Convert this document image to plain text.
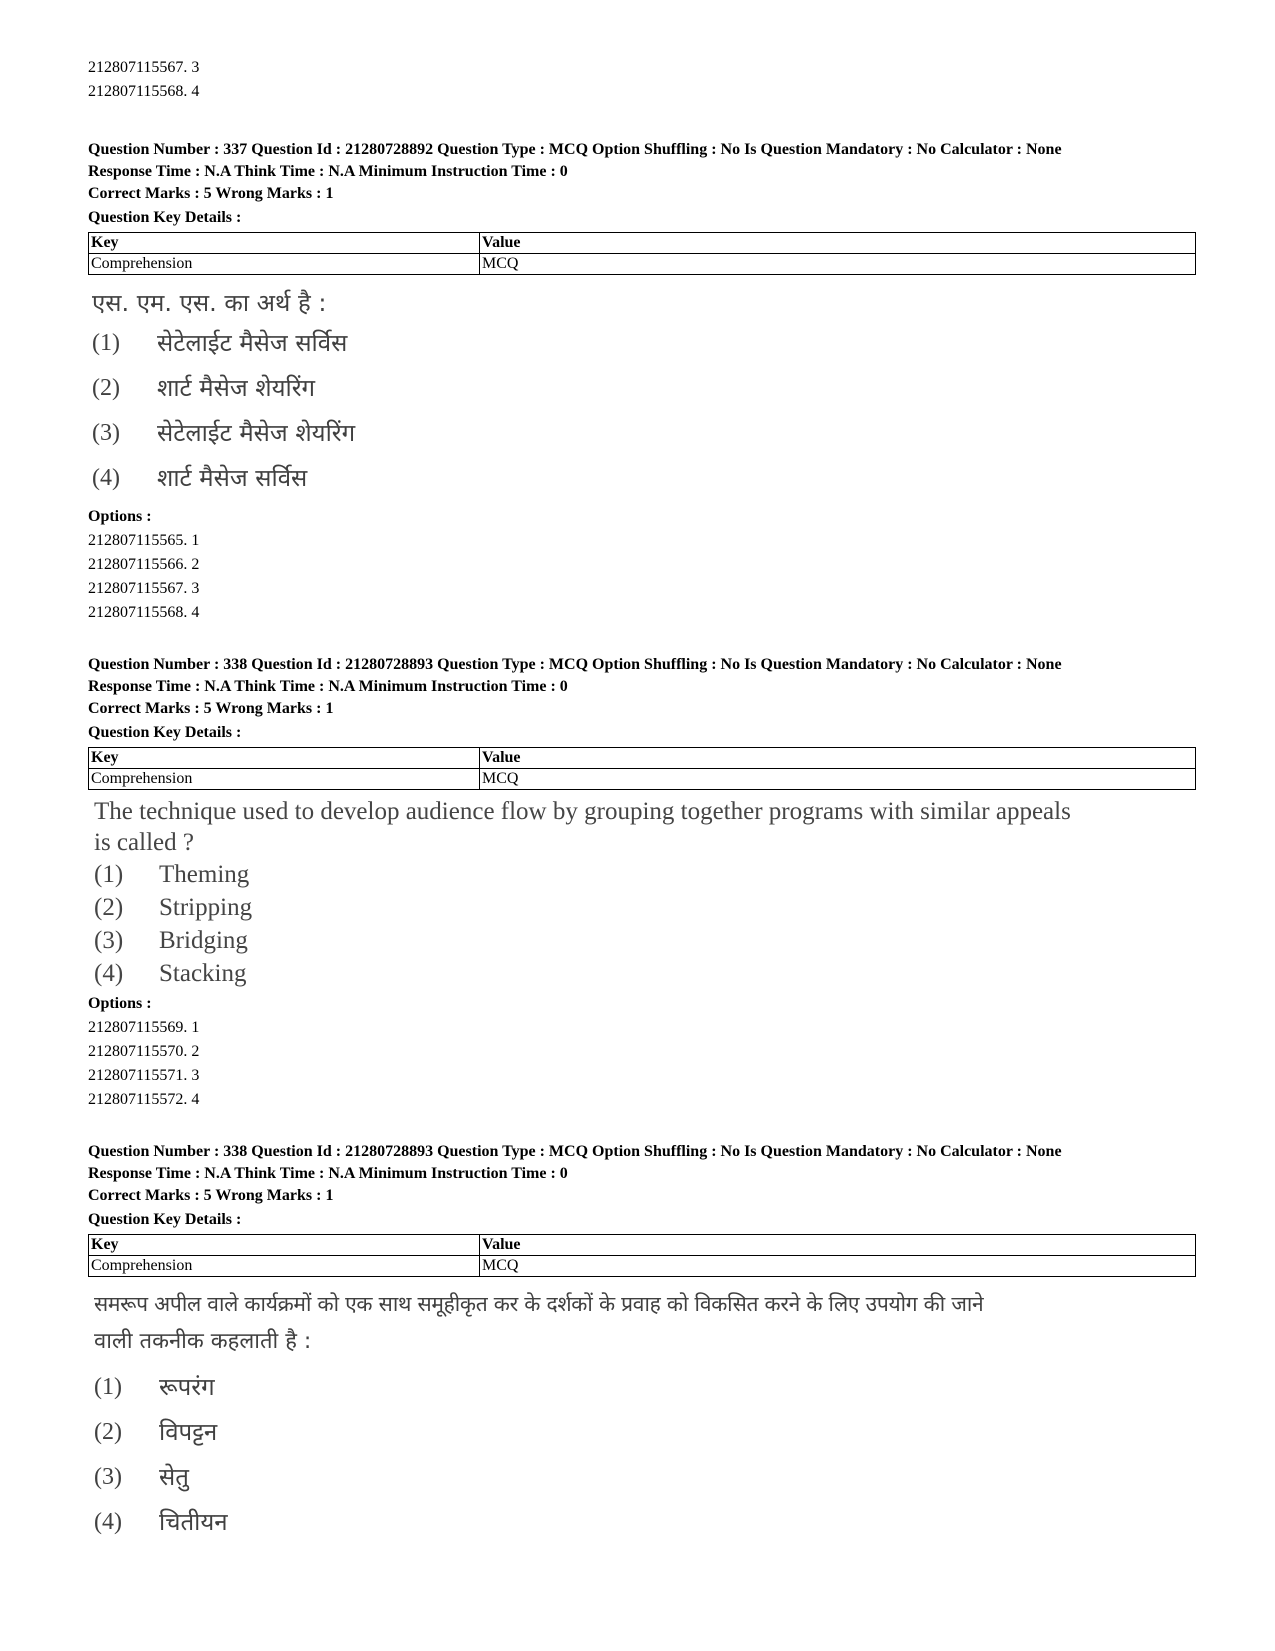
212807115567. 3
212807115568. 4
Question Number : 337 Question Id : 21280728892 Question Type : MCQ Option Shuffling : No Is Question Mandatory : No Calculator : None
Response Time : N.A Think Time : N.A Minimum Instruction Time : 0
Correct Marks : 5 Wrong Marks : 1
Question Key Details :
Key	Value
Comprehension	MCQ
एस. एम. एस. का अर्थ है :
(1)	सेटेलाईट मैसेज सर्विस
(2)	शार्ट मैसेज शेयरिंग
(3)	सेटेलाईट मैसेज शेयरिंग
(4)	शार्ट मैसेज सर्विस
Options :
212807115565. 1
212807115566. 2
212807115567. 3
212807115568. 4
Question Number : 338 Question Id : 21280728893 Question Type : MCQ Option Shuffling : No Is Question Mandatory : No Calculator : None
Response Time : N.A Think Time : N.A Minimum Instruction Time : 0
Correct Marks : 5 Wrong Marks : 1
Question Key Details :
Key	Value
Comprehension	MCQ
The technique used to develop audience flow by grouping together programs with similar appeals
is called ?
(1)	Theming
(2)	Stripping
(3)	Bridging
(4)	Stacking
Options :
212807115569. 1
212807115570. 2
212807115571. 3
212807115572. 4
Question Number : 338 Question Id : 21280728893 Question Type : MCQ Option Shuffling : No Is Question Mandatory : No Calculator : None
Response Time : N.A Think Time : N.A Minimum Instruction Time : 0
Correct Marks : 5 Wrong Marks : 1
Question Key Details :
Key	Value
Comprehension	MCQ
समरूप अपील वाले कार्यक्रमों को एक साथ समूहीकृत कर के दर्शकों के प्रवाह को विकसित करने के लिए उपयोग की जाने
वाली तकनीक कहलाती है :
(1)	रूपरंग
(2)	विपट्टन
(3)	सेतु
(4)	चितीयन
